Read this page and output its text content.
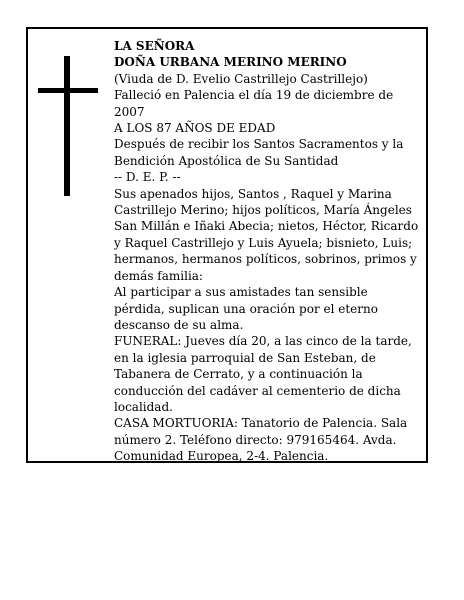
LA SEÑORA

DOÑA URBANA MERINO MERINO

(Viuda de D. Evelio Castrillejo Castrillejo)

Falleció en Palencia el día 19 de diciembre de 2007

A LOS 87 AÑOS DE EDAD

Después de recibir los Santos Sacramentos y la Bendición Apostólica de Su Santidad

-- D. E. P. --

Sus apenados hijos, Santos , Raquel y Marina Castrillejo Merino; hijos políticos, María Ángeles San Millán e Iñaki Abecia; nietos, Héctor, Ricardo y Raquel Castrillejo y Luis Ayuela; bisnieto, Luis; hermanos, hermanos políticos, sobrinos, primos y demás familia:

Al participar a sus amistades tan sensible pérdida, suplican una oración por el eterno descanso de su alma.

FUNERAL: Jueves día 20, a las cinco de la tarde, en la iglesia parroquial de San Esteban, de Tabanera de Cerrato, y a continuación la conducción del cadáver al cementerio de dicha localidad.

CASA MORTUORIA: Tanatorio de Palencia. Sala número 2. Teléfono directo: 979165464. Avda. Comunidad Europea, 2-4. Palencia.
